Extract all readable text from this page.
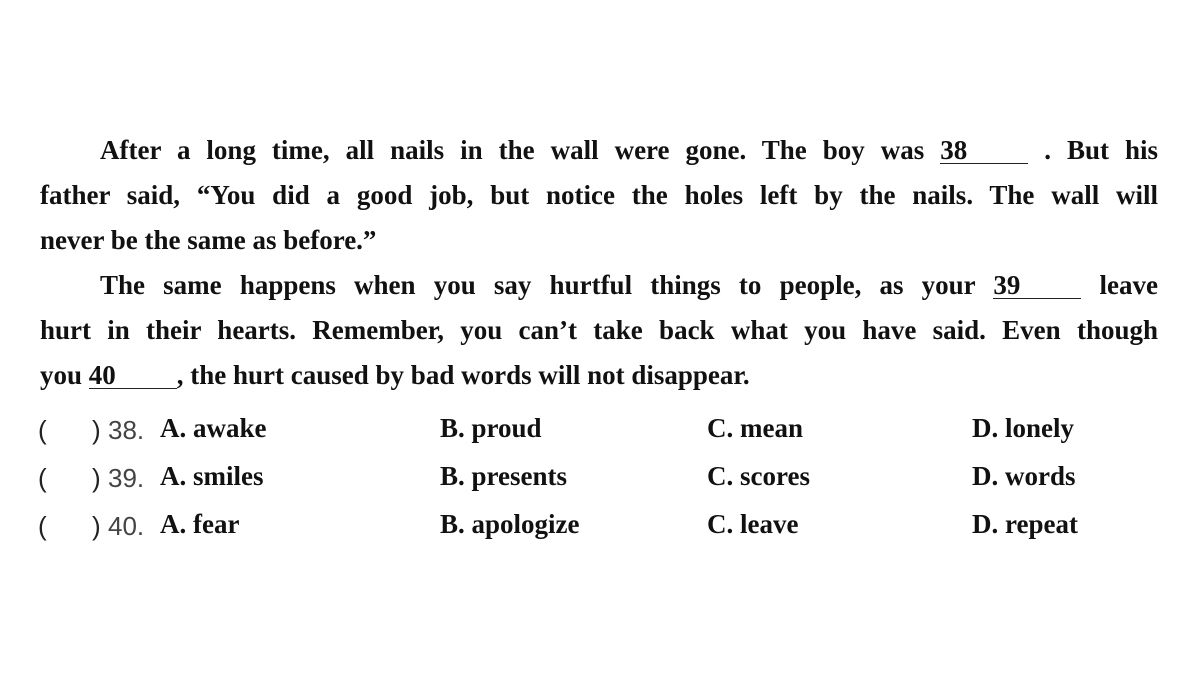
After a long time, all nails in the wall were gone. The boy was 38	. But his
father said, “You did a good job, but notice the holes left by the nails. The wall will
never be the same as before.”
The same happens when you say hurtful things to people, as your 39	leave
hurt in their hearts. Remember, you can’t take back what you have said. Even though
you 40 , the hurt caused by bad words will not disappear.
( ) 38. A. awake	B. proud	C. mean	D. lonely
( ) 39. A. smiles	B. presents	C. scores	D. words
( ) 40. A. fear	B. apologize	C. leave	D. repeat
